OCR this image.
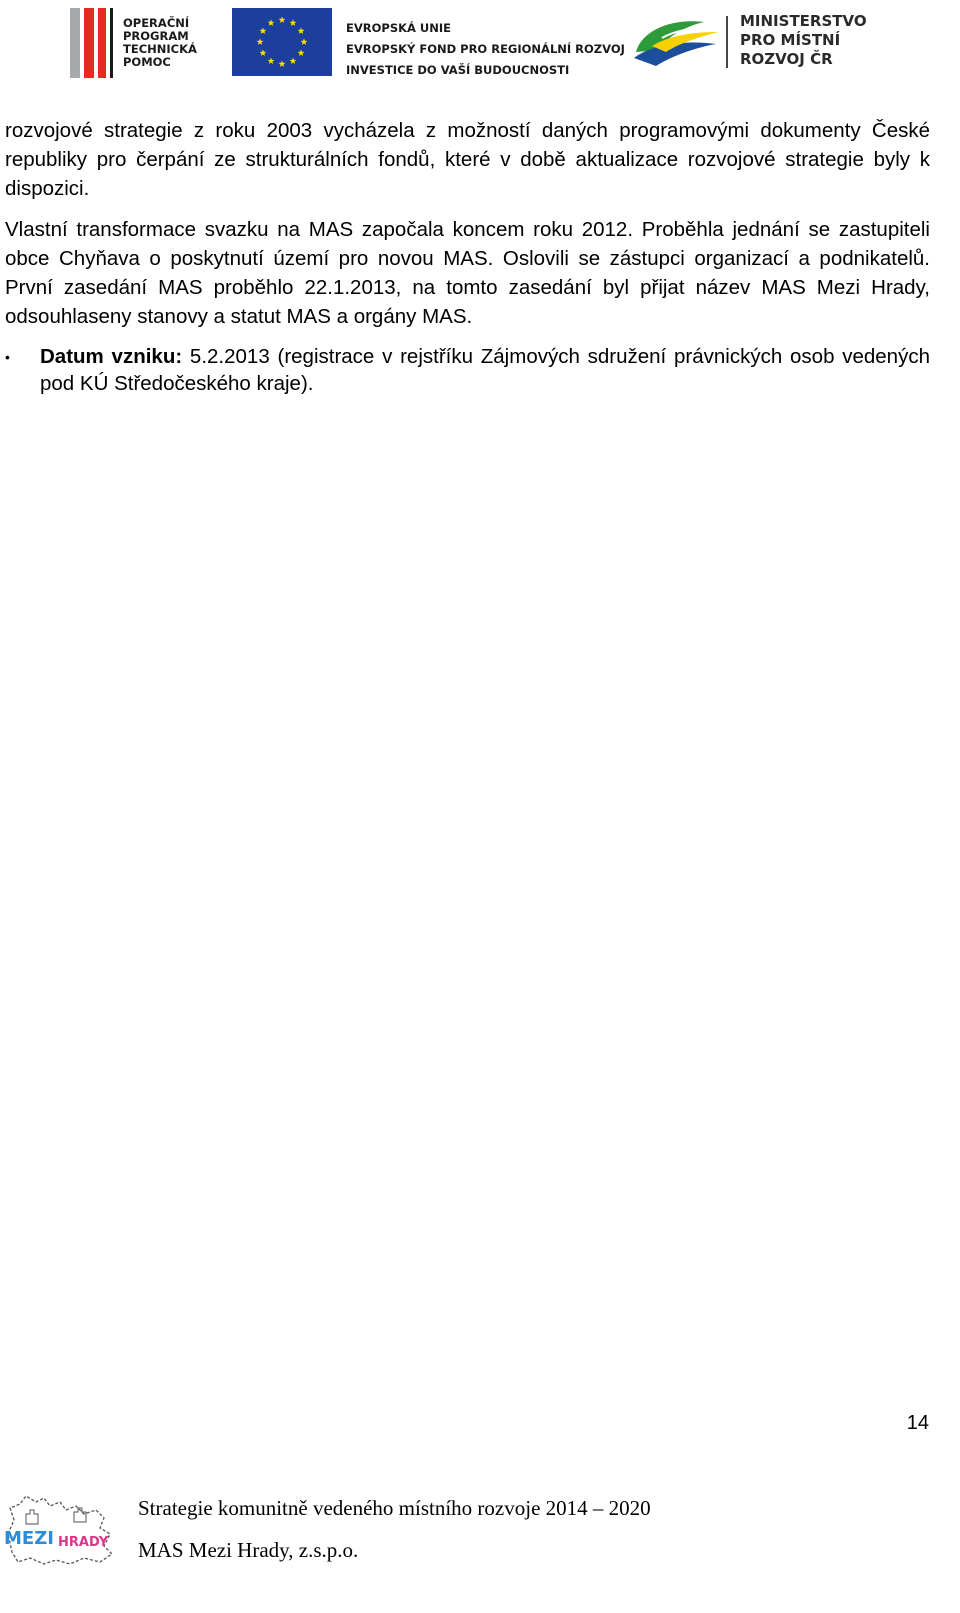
OPERAČNÍ
PROGRAM
TECHNICKÁ
POMOC
EVROPSKÁ UNIE
EVROPSKÝ FOND PRO REGIONÁLNÍ ROZVOJ
INVESTICE DO VAŠÍ BUDOUCNOSTI
MINISTERSTVO
PRO MÍSTNÍ
ROZVOJ ČR

rozvojové strategie z roku 2003 vycházela z možností daných programovými dokumenty České republiky pro čerpání ze strukturálních fondů, které v době aktualizace rozvojové strategie byly k dispozici.

Vlastní transformace svazku na MAS započala koncem roku 2012. Proběhla jednání se zastupiteli obce Chyňava o poskytnutí území pro novou MAS. Oslovili se zástupci organizací a podnikatelů. První zasedání MAS proběhlo 22.1.2013, na tomto zasedání byl přijat název MAS Mezi Hrady, odsouhlaseny stanovy a statut MAS a orgány MAS.

•	Datum vzniku: 5.2.2013 (registrace v rejstříku Zájmových sdružení právnických osob vedených pod KÚ Středočeského kraje).
14
MEZI HRADY
Strategie komunitně vedeného místního rozvoje 2014 – 2020
MAS Mezi Hrady, z.s.p.o.
